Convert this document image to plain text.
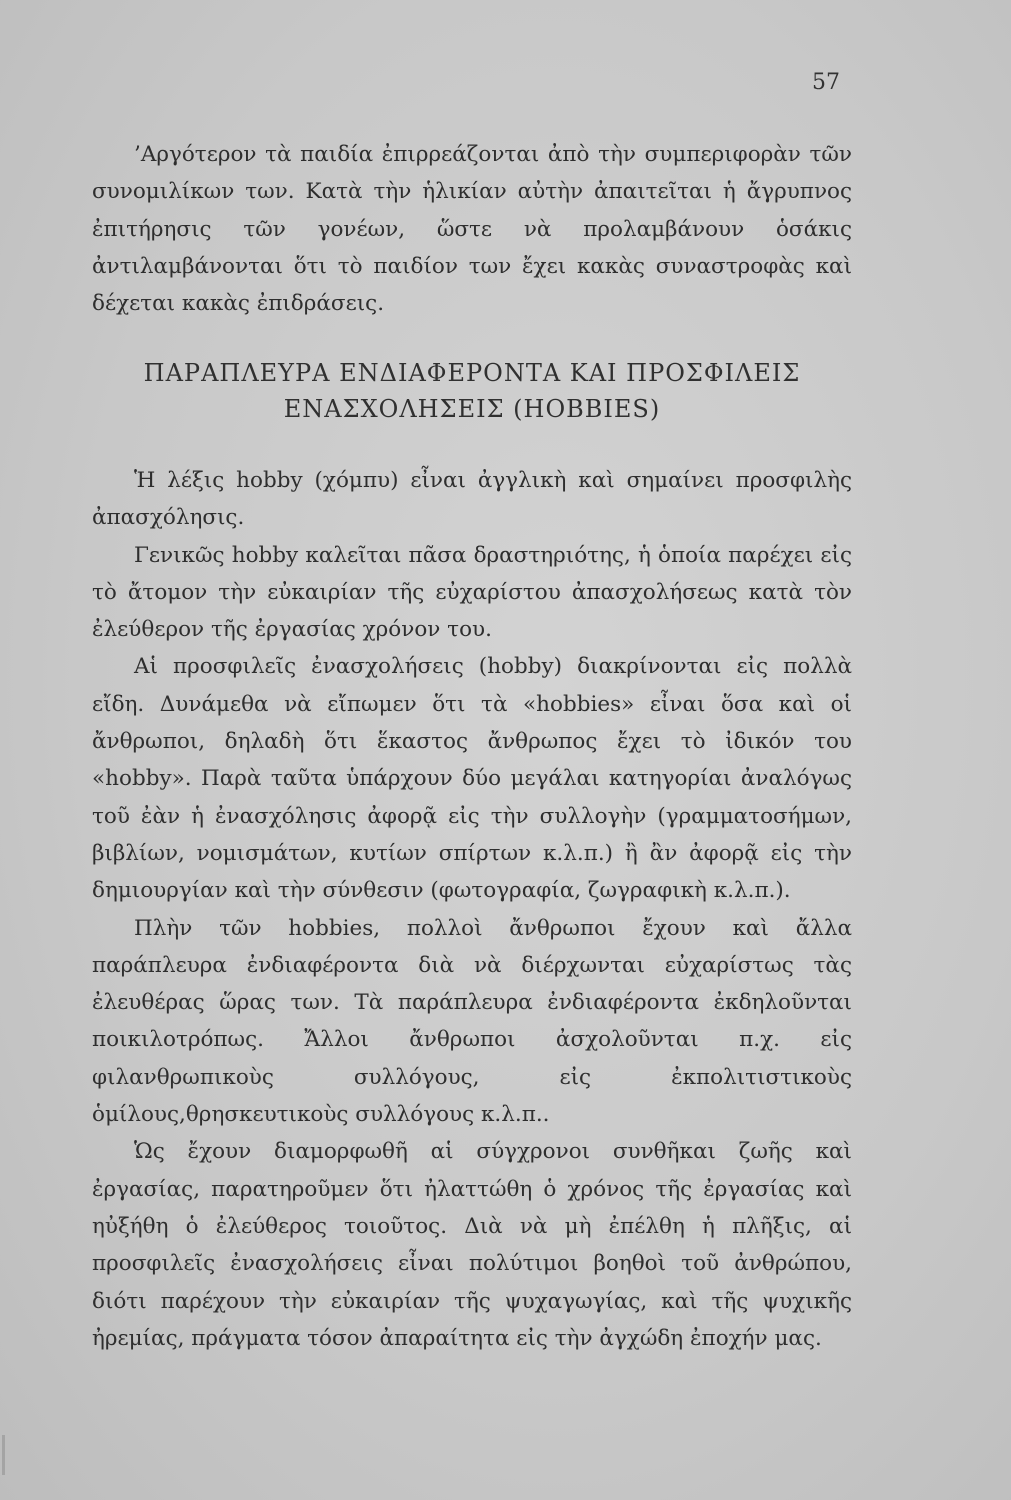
57

’Αργότερον τὰ παιδία ἐπιρρεάζονται ἀπὸ τὴν συμπεριφορὰν τῶν συνομιλίκων των. Κατὰ τὴν ἡλικίαν αὐτὴν ἀπαιτεῖται ἡ ἄγρυπνος ἐπιτήρησις τῶν γονέων, ὥστε νὰ προλαμβάνουν ὁσάκις ἀντιλαμβάνονται ὅτι τὸ παιδίον των ἔχει κακὰς συναστροφὰς καὶ δέχεται κακὰς ἐπιδράσεις.

ΠΑΡΑΠΛΕΥΡΑ ΕΝΔΙΑΦΕΡΟΝΤΑ ΚΑΙ ΠΡΟΣΦΙΛΕΙΣ
ΕΝΑΣΧΟΛΗΣΕΙΣ (HOBBIES)

Ἡ λέξις hobby (χόμπυ) εἶναι ἀγγλικὴ καὶ σημαίνει προσφιλὴς ἀπασχόλησις.

Γενικῶς hobby καλεῖται πᾶσα δραστηριότης, ἡ ὁποία παρέχει εἰς τὸ ἄτομον τὴν εὐκαιρίαν τῆς εὐχαρίστου ἀπασχολήσεως κατὰ τὸν ἐλεύθερον τῆς ἐργασίας χρόνον του.

Αἱ προσφιλεῖς ἐνασχολήσεις (hobby) διακρίνονται εἰς πολλὰ εἴδη. Δυνάμεθα νὰ εἴπωμεν ὅτι τὰ «hobbies» εἶναι ὅσα καὶ οἱ ἄνθρωποι, δηλαδὴ ὅτι ἕκαστος ἄνθρωπος ἔχει τὸ ἰδικόν του «hobby». Παρὰ ταῦτα ὑπάρχουν δύο μεγάλαι κατηγορίαι ἀναλόγως τοῦ ἐὰν ἡ ἐνασχόλησις ἀφορᾷ εἰς τὴν συλλογὴν (γραμματοσήμων, βιβλίων, νομισμάτων, κυτίων σπίρτων κ.λ.π.) ἢ ἂν ἀφορᾷ εἰς τὴν δημιουργίαν καὶ τὴν σύνθεσιν (φωτογραφία, ζωγραφικὴ κ.λ.π.).

Πλὴν τῶν hobbies, πολλοὶ ἄνθρωποι ἔχουν καὶ ἄλλα παράπλευρα ἐνδιαφέροντα διὰ νὰ διέρχωνται εὐχαρίστως τὰς ἐλευθέρας ὥρας των. Τὰ παράπλευρα ἐνδιαφέροντα ἐκδηλοῦνται ποικιλοτρόπως. Ἄλλοι ἄνθρωποι ἀσχολοῦνται π.χ. εἰς φιλανθρωπικοὺς συλλόγους, εἰς ἐκπολιτιστικοὺς ὁμίλους,θρησκευτικοὺς συλλόγους κ.λ.π..

Ὡς ἔχουν διαμορφωθῆ αἱ σύγχρονοι συνθῆκαι ζωῆς καὶ ἐργασίας, παρατηροῦμεν ὅτι ἠλαττώθη ὁ χρόνος τῆς ἐργασίας καὶ ηὐξήθη ὁ ἐλεύθερος τοιοῦτος. Διὰ νὰ μὴ ἐπέλθη ἡ πλῆξις, αἱ προσφιλεῖς ἐνασχολήσεις εἶναι πολύτιμοι βοηθοὶ τοῦ ἀνθρώπου, διότι παρέχουν τὴν εὐκαιρίαν τῆς ψυχαγωγίας, καὶ τῆς ψυχικῆς ἠρεμίας, πράγματα τόσον ἀπαραίτητα εἰς τὴν ἀγχώδη ἐποχήν μας.
